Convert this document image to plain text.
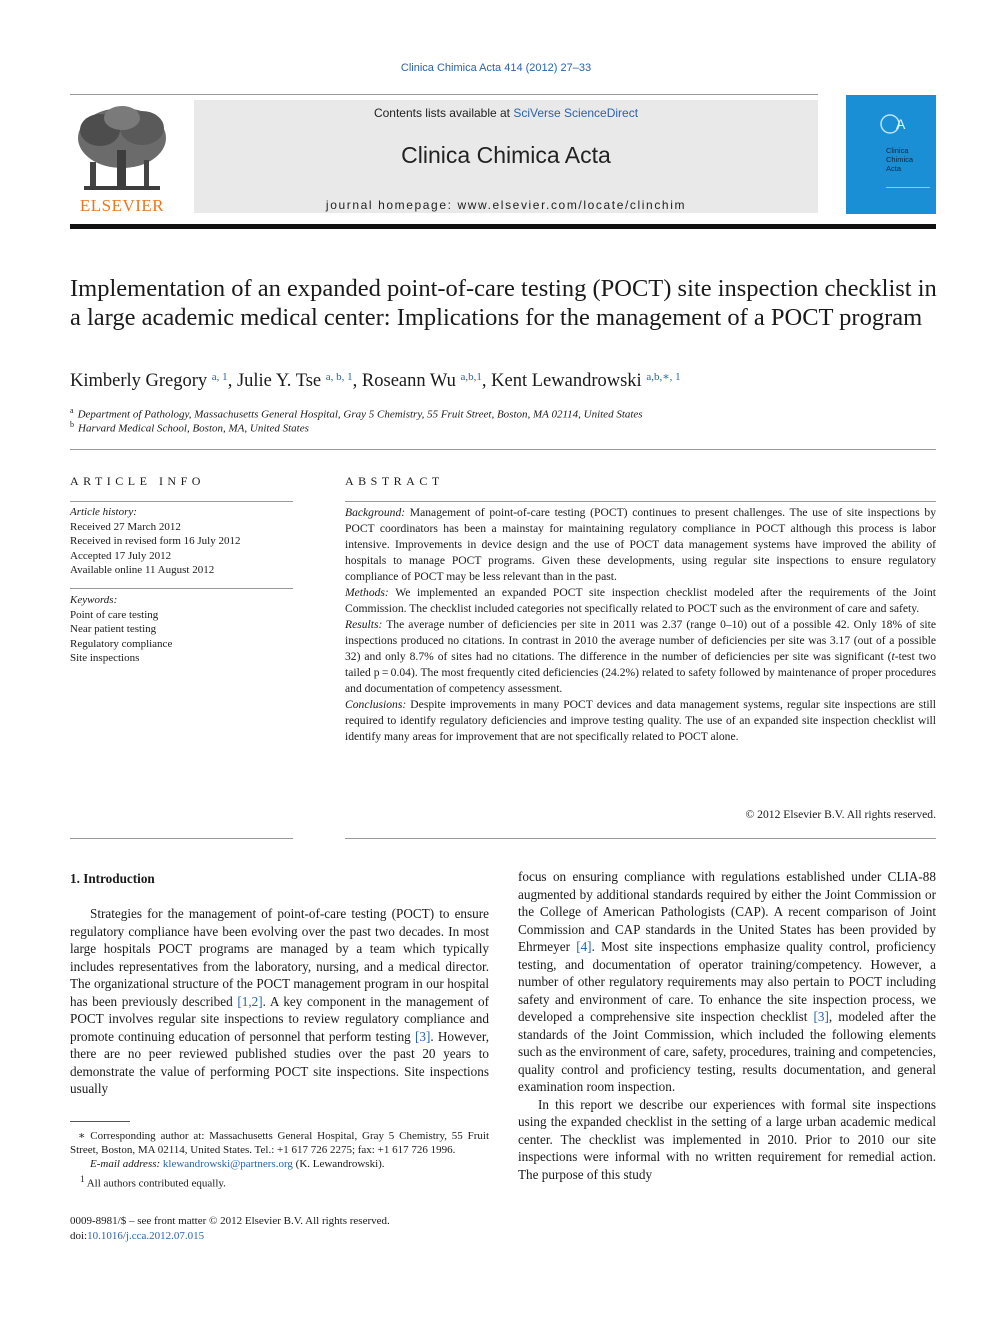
Clinica Chimica Acta 414 (2012) 27–33
ELSEVIER
Contents lists available at SciVerse ScienceDirect
Clinica Chimica Acta
journal homepage: www.elsevier.com/locate/clinchim
A
Clinica
Chimica
Acta
Implementation of an expanded point-of-care testing (POCT) site inspection checklist in a large academic medical center: Implications for the management of a POCT program
Kimberly Gregory $^{a, 1}$, Julie Y. Tse $^{a, b, 1}$, Roseann Wu $^{a,b,1}$, Kent Lewandrowski $^{a,b,∗, 1}$
$^a$ Department of Pathology, Massachusetts General Hospital, Gray 5 Chemistry, 55 Fruit Street, Boston, MA 02114, United States
$^b$ Harvard Medical School, Boston, MA, United States
ARTICLE INFO	ABSTRACT
Article history:
Received 27 March 2012
Received in revised form 16 July 2012
Accepted 17 July 2012
Available online 11 August 2012
Keywords:
Point of care testing
Near patient testing
Regulatory compliance
Site inspections

Background: Management of point-of-care testing (POCT) continues to present challenges. The use of site inspections by POCT coordinators has been a mainstay for maintaining regulatory compliance in POCT although this process is labor intensive. Improvements in device design and the use of POCT data management systems have improved the ability of hospitals to manage POCT programs. Given these developments, using regular site inspections to ensure regulatory compliance of POCT may be less relevant than in the past.

Methods: We implemented an expanded POCT site inspection checklist modeled after the requirements of the Joint Commission. The checklist included categories not specifically related to POCT such as the environment of care and safety.

Results: The average number of deficiencies per site in 2011 was 2.37 (range 0–10) out of a possible 42. Only 18% of site inspections produced no citations. In contrast in 2010 the average number of deficiencies per site was 3.17 (out of a possible 32) and only 8.7% of sites had no citations. The difference in the number of deficiencies per site was significant (t-test two tailed p = 0.04). The most frequently cited deficiencies (24.2%) related to safety followed by maintenance of proper procedures and documentation of competency assessment.

Conclusions: Despite improvements in many POCT devices and data management systems, regular site inspections are still required to identify regulatory deficiencies and improve testing quality. The use of an expanded site inspection checklist will identify many areas for improvement that are not specifically related to POCT alone.

© 2012 Elsevier B.V. All rights reserved.
1. Introduction

Strategies for the management of point-of-care testing (POCT) to ensure regulatory compliance have been evolving over the past two decades. In most large hospitals POCT programs are managed by a team which typically includes representatives from the laboratory, nursing, and a medical director. The organizational structure of the POCT management program in our hospital has been previously described [1,2]. A key component in the management of POCT involves regular site inspections to review regulatory compliance and promote continuing education of personnel that perform testing [3]. However, there are no peer reviewed published studies over the past 20 years to demonstrate the value of performing POCT site inspections. Site inspections usually

focus on ensuring compliance with regulations established under CLIA-88 augmented by additional standards required by either the Joint Commission or the College of American Pathologists (CAP). A recent comparison of Joint Commission and CAP standards in the United States has been provided by Ehrmeyer [4]. Most site inspections emphasize quality control, proficiency testing, and documentation of operator training/competency. However, a number of other regulatory requirements may also pertain to POCT including safety and environment of care. To enhance the site inspection process, we developed a comprehensive site inspection checklist [3], modeled after the standards of the Joint Commission, which included the following elements such as the environment of care, safety, procedures, training and competencies, quality control and proficiency testing, results documentation, and general examination room inspection.

In this report we describe our experiences with formal site inspections using the expanded checklist in the setting of a large urban academic medical center. The checklist was implemented in 2010. Prior to 2010 our site inspections were informal with no written requirement for remedial action. The purpose of this study

∗ Corresponding author at: Massachusetts General Hospital, Gray 5 Chemistry, 55 Fruit Street, Boston, MA 02114, United States. Tel.: +1 617 726 2275; fax: +1 617 726 1996.

E-mail address: klewandrowski@partners.org (K. Lewandrowski).

$^1$ All authors contributed equally.

0009-8981/$ – see front matter © 2012 Elsevier B.V. All rights reserved.
doi:10.1016/j.cca.2012.07.015
